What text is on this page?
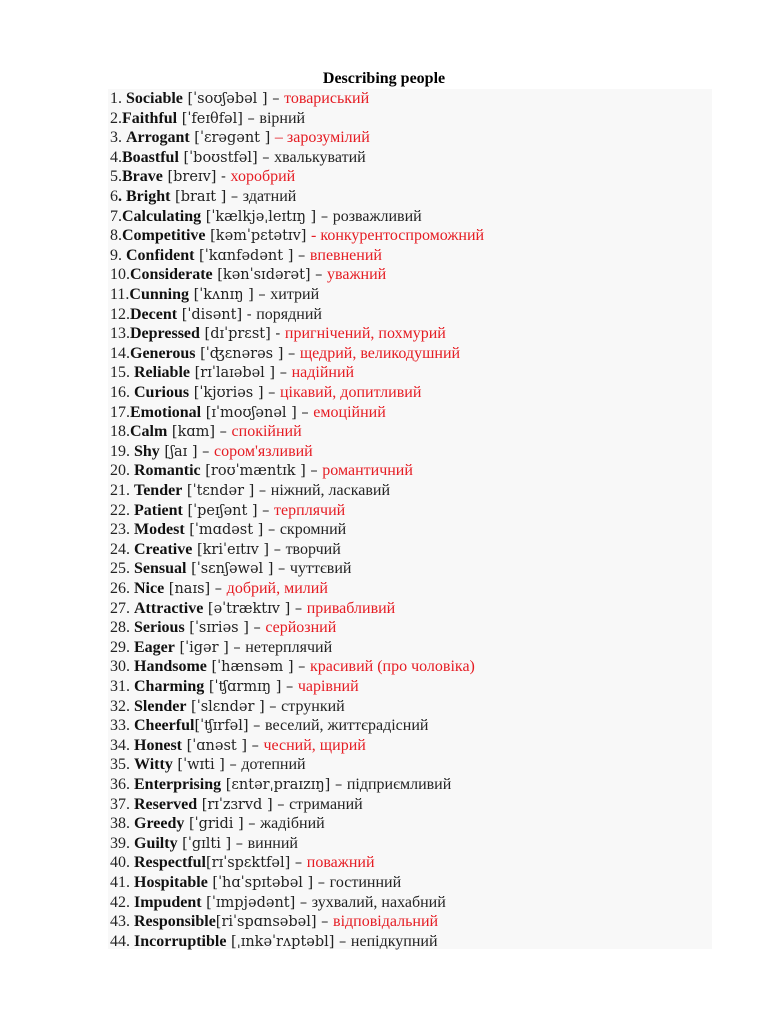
Describing people
1. Sociable [ˈsoʊʃəbəl ] – товариський
2.Faithful [ˈfeɪθfəl] – вірний
3. Arrogant [ˈɛrəgənt ] – зарозумілий
4.Boastful [ˈboʊstfəl] – хвалькуватий
5.Brave [breɪv] - хоробрий
6. Bright [braɪt ] – здатний
7.Calculating [ˈkælkjəˌleɪtɪŋ ] – розважливий
8.Competitive [kəmˈpɛtətɪv] - конкурентоспроможний
9. Confident [ˈkɑnfədənt ] – впевнений
10.Considerate [kənˈsɪdərət] – уважний
11.Cunning [ˈkʌnɪŋ ] – хитрий
12.Decent [ˈdisənt] - порядний
13.Depressed [dɪˈprɛst] - пригнічений, похмурий
14.Generous [ˈʤɛnərəs ] – щедрий, великодушний
15. Reliable [rɪˈlaɪəbəl ] – надійний
16. Curious [ˈkjʊriəs ] – цікавий, допитливий
17.Emotional [ɪˈmoʊʃənəl ] – емоційний
18.Calm [kɑm] – спокійний
19. Shy [ʃaɪ ] – сором'язливий
20. Romantic [roʊˈmæntɪk ] – романтичний
21. Tender [ˈtɛndər ] – ніжний, ласкавий
22. Patient [ˈpeɪʃənt ] – терплячий
23. Modest [ˈmɑdəst ] – скромний
24. Creative [kriˈeɪtɪv ] – творчий
25. Sensual [ˈsɛnʃəwəl ] – чуттєвий
26. Nice [naɪs] – добрий, милий
27. Attractive [əˈtræktɪv ] – привабливий
28. Serious [ˈsɪriəs ] – серйозний
29. Eager [ˈigər ] – нетерплячий
30. Handsome [ˈhænsəm ] – красивий (про чоловіка)
31. Charming [ˈʧɑrmɪŋ ] – чарівний
32. Slender [ˈslɛndər ] – стрункий
33. Cheerful[ˈʧɪrfəl] – веселий, життєрадісний
34. Honest [ˈɑnəst ] – чесний, щирий
35. Witty [ˈwɪti ] – дотепний
36. Enterprising [ɛntərˌpraɪzɪŋ] – підприємливий
37. Reserved [rɪˈzɜrvd ] – стриманий
38. Greedy [ˈgridi ] – жадібний
39. Guilty [ˈgɪlti ] – винний
40. Respectful[rɪˈspɛktfəl] – поважний
41. Hospitable [ˈhɑˈspɪtəbəl ] – гостинний
42. Impudent [ˈɪmpjədənt] – зухвалий, нахабний
43. Responsible[riˈspɑnsəbəl] – відповідальний
44. Incorruptible [ˌɪnkəˈrʌptəbl] – непідкупний
